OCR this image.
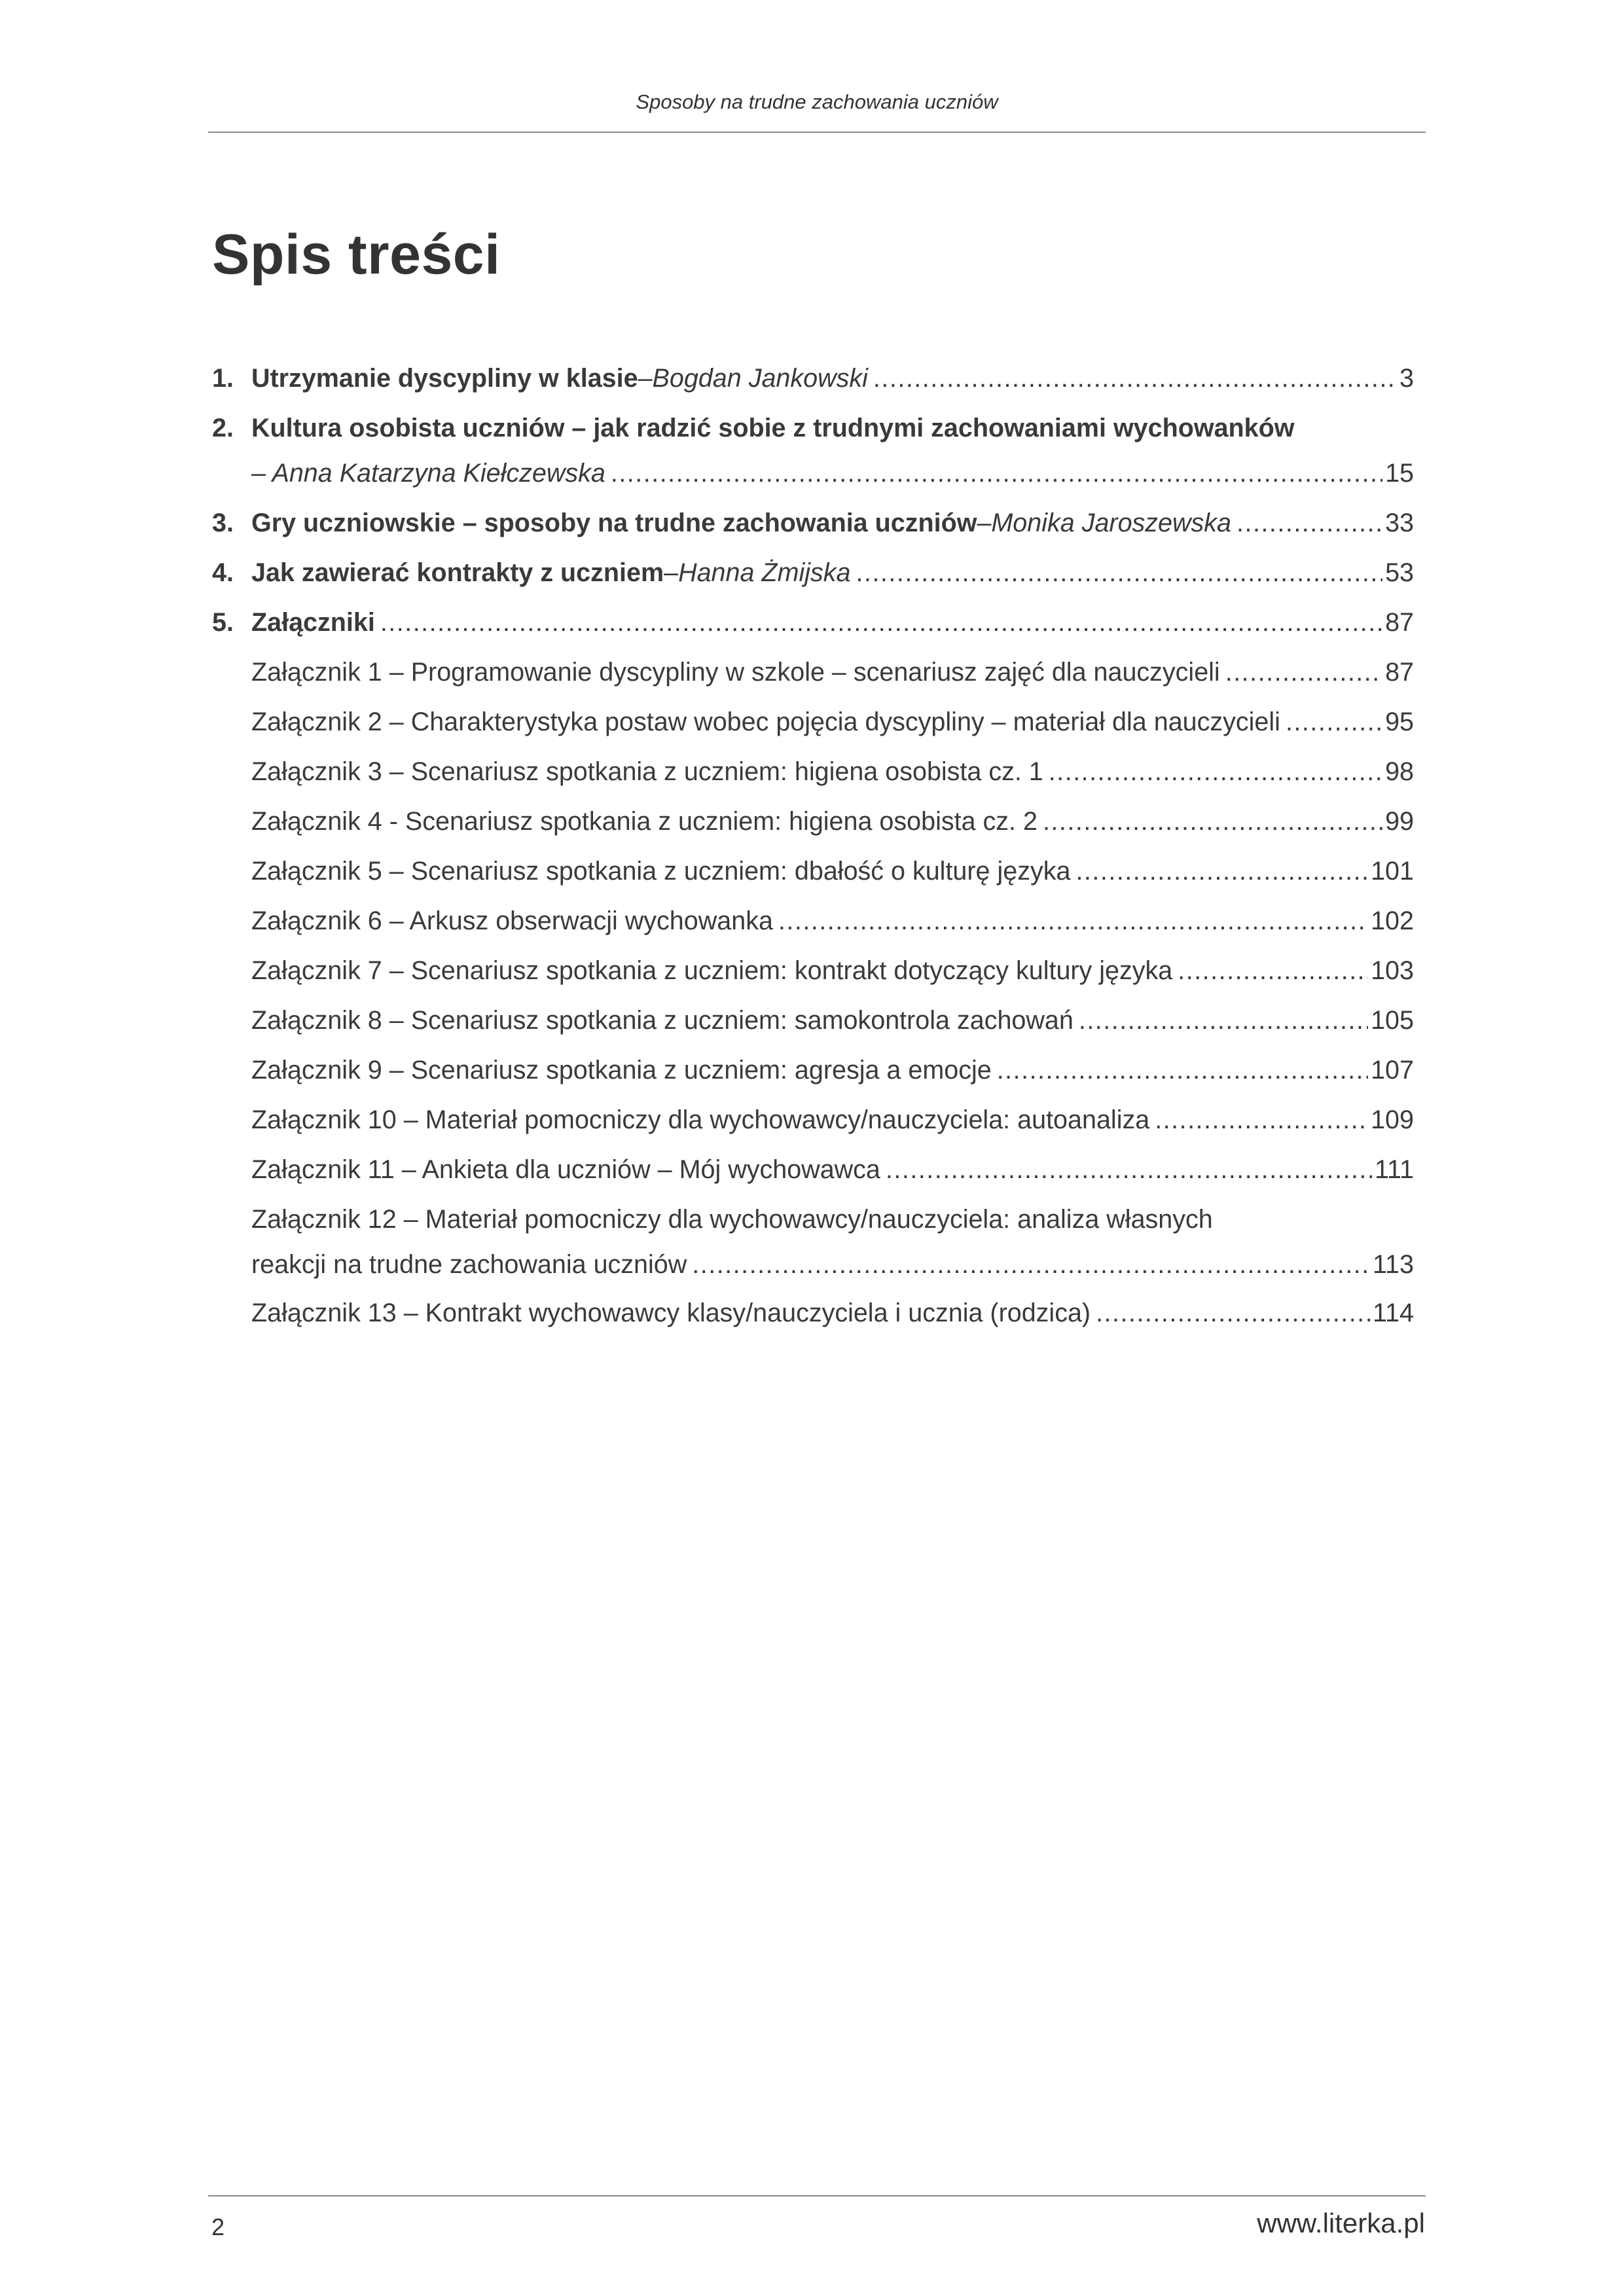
Sposoby na trudne zachowania uczniów
Spis treści
1. Utrzymanie dyscypliny w klasie – Bogdan Jankowski .....	3
2. Kultura osobista uczniów – jak radzić sobie z trudnymi zachowaniami wychowanków
– Anna Katarzyna Kiełczewska .....	15
3. Gry uczniowskie – sposoby na trudne zachowania uczniów – Monika Jaroszewska .....	33
4. Jak zawierać kontrakty z uczniem – Hanna Żmijska .....	53
5. Załączniki .....	87
Załącznik 1 – Programowanie dyscypliny w szkole – scenariusz zajęć dla nauczycieli .....	87
Załącznik 2 – Charakterystyka postaw wobec pojęcia dyscypliny – materiał dla nauczycieli .....	95
Załącznik 3 – Scenariusz spotkania z uczniem: higiena osobista cz. 1 .....	98
Załącznik 4 - Scenariusz spotkania z uczniem: higiena osobista cz. 2 .....	99
Załącznik 5 – Scenariusz spotkania z uczniem: dbałość o kulturę języka .....	101
Załącznik 6 – Arkusz obserwacji wychowanka .....	102
Załącznik 7 – Scenariusz spotkania z uczniem: kontrakt dotyczący kultury języka .....	103
Załącznik 8 – Scenariusz spotkania z uczniem: samokontrola zachowań .....	105
Załącznik 9 – Scenariusz spotkania z uczniem: agresja a emocje .....	107
Załącznik 10 – Materiał pomocniczy dla wychowawcy/nauczyciela: autoanaliza .....	109
Załącznik 11 – Ankieta dla uczniów – Mój wychowawca .....	111
Załącznik 12 – Materiał pomocniczy dla wychowawcy/nauczyciela: analiza własnych
reakcji na trudne zachowania uczniów .....	113
Załącznik 13 – Kontrakt wychowawcy klasy/nauczyciela i ucznia (rodzica) .....	114
2	www.literka.pl
